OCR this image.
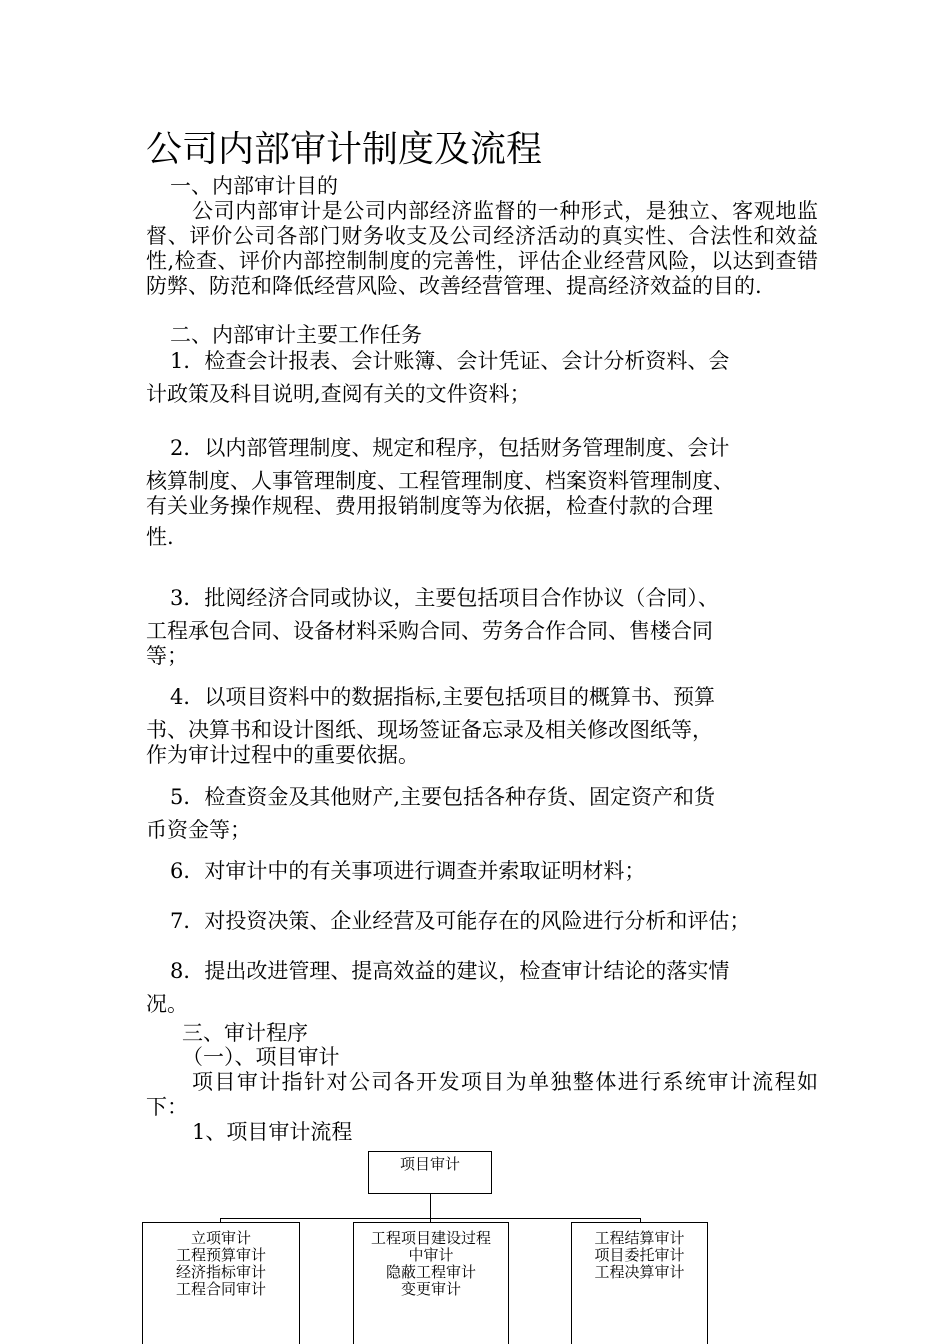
公司内部审计制度及流程
一、内部审计目的
公司内部审计是公司内部经济监督的一种形式，是独立、客观地监督、评价公司各部门财务收支及公司经济活动的真实性、合法性和效益性,检查、评价内部控制制度的完善性，评估企业经营风险，以达到查错防弊、防范和降低经营风险、改善经营管理、提高经济效益的目的.
二、内部审计主要工作任务
1．检查会计报表、会计账簿、会计凭证、会计分析资料、会
计政策及科目说明,查阅有关的文件资料；
2．以内部管理制度、规定和程序，包括财务管理制度、会计
核算制度、人事管理制度、工程管理制度、档案资料管理制度、
有关业务操作规程、费用报销制度等为依据，检查付款的合理
性.
3．批阅经济合同或协议，主要包括项目合作协议（合同）、
工程承包合同、设备材料采购合同、劳务合作合同、售楼合同
等；
4．以项目资料中的数据指标,主要包括项目的概算书、预算
书、决算书和设计图纸、现场签证备忘录及相关修改图纸等，
作为审计过程中的重要依据。
5．检查资金及其他财产,主要包括各种存货、固定资产和货
币资金等；
6．对审计中的有关事项进行调查并索取证明材料；
7．对投资决策、企业经营及可能存在的风险进行分析和评估；
8．提出改进管理、提高效益的建议，检查审计结论的落实情
况。
三、审计程序
（一）、项目审计
项目审计指针对公司各开发项目为单独整体进行系统审计流程如下：
1、项目审计流程
项目审计
立项审计
工程预算审计
经济指标审计
工程合同审计
工程项目建设过程
中审计
隐蔽工程审计
变更审计
工程结算审计
项目委托审计
工程决算审计
